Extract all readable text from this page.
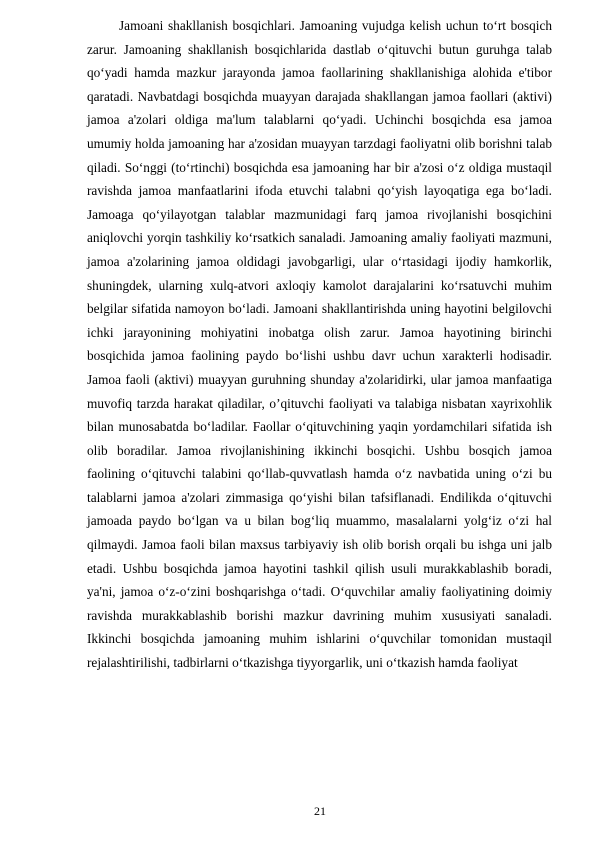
Jamoani shakllanish bosqichlari. Jamoaning vujudga kelish uchun to‘rt bosqich zarur. Jamoaning shakllanish bosqichlarida dastlab o‘qituvchi butun guruhga talab qo‘yadi hamda mazkur jarayonda jamoa faollarining shakllanishiga alohida e'tibor qaratadi. Navbatdagi bosqichda muayyan darajada shakllangan jamoa faollari (aktivi) jamoa a'zolari oldiga ma'lum talablarni qo‘yadi. Uchinchi bosqichda esa jamoa umumiy holda jamoaning har a'zosidan muayyan tarzdagi faoliyatni olib borishni talab qiladi. So‘nggi (to‘rtinchi) bosqichda esa jamoaning har bir a'zosi o‘z oldiga mustaqil ravishda jamoa manfaatlarini ifoda etuvchi talabni qo‘yish layoqatiga ega bo‘ladi. Jamoaga qo‘yilayotgan talablar mazmunidagi farq jamoa rivojlanishi bosqichini aniqlovchi yorqin tashkiliy ko‘rsatkich sanaladi. Jamoaning amaliy faoliyati mazmuni, jamoa a'zolarining jamoa oldidagi javobgarligi, ular o‘rtasidagi ijodiy hamkorlik, shuningdek, ularning xulq-atvori axloqiy kamolot darajalarini ko‘rsatuvchi muhim belgilar sifatida namoyon bo‘ladi. Jamoani shakllantirishda uning hayotini belgilovchi ichki jarayonining mohiyatini inobatga olish zarur. Jamoa hayotining birinchi bosqichida jamoa faolining paydo bo‘lishi ushbu davr uchun xarakterli hodisadir. Jamoa faoli (aktivi) muayyan guruhning shunday a'zolaridirki, ular jamoa manfaatiga muvofiq tarzda harakat qiladilar, o’qituvchi faoliyati va talabiga nisbatan xayrixohlik bilan munosabatda bo‘ladilar. Faollar o‘qituvchining yaqin yordamchilari sifatida ish olib boradilar. Jamoa rivojlanishining ikkinchi bosqichi. Ushbu bosqich jamoa faolining o‘qituvchi talabini qo‘llab-quvvatlash hamda o‘z navbatida uning o‘zi bu talablarni jamoa a'zolari zimmasiga qo‘yishi bilan tafsiflanadi. Endilikda o‘qituvchi jamoada paydo bo‘lgan va u bilan bog‘liq muammo, masalalarni yolg‘iz o‘zi hal qilmaydi. Jamoa faoli bilan maxsus tarbiyaviy ish olib borish orqali bu ishga uni jalb etadi. Ushbu bosqichda jamoa hayotini tashkil qilish usuli murakkablashib boradi, ya'ni, jamoa o‘z-o‘zini boshqarishga o‘tadi. O‘quvchilar amaliy faoliyatining doimiy ravishda murakkablashib borishi mazkur davrining muhim xususiyati sanaladi. Ikkinchi bosqichda jamoaning muhim ishlarini o‘quvchilar tomonidan mustaqil rejalashtirilishi, tadbirlarni o‘tkazishga tiyyorgarlik, uni o‘tkazish hamda faoliyat

21
